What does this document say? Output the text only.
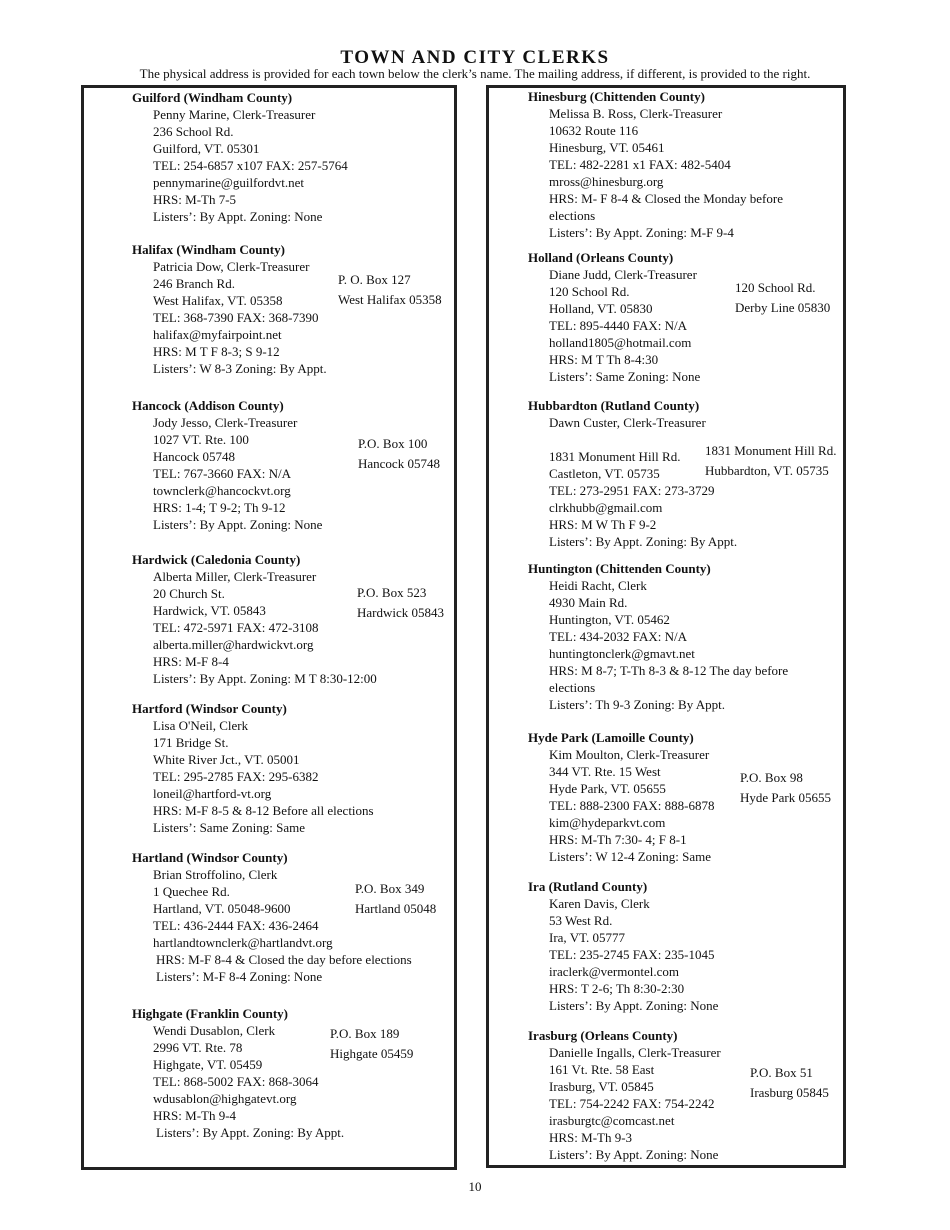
TOWN AND CITY CLERKS
The physical address is provided for each town below the clerk’s name. The mailing address, if different, is provided to the right.
Guilford (Windham County)
Penny Marine, Clerk-Treasurer
236 School Rd.
Guilford, VT. 05301
TEL: 254-6857 x107 FAX: 257-5764
pennymarine@guilfordvt.net
HRS: M-Th 7-5
Listers’: By Appt. Zoning: None
Halifax (Windham County)
Patricia Dow, Clerk-Treasurer
246 Branch Rd.
West Halifax, VT. 05358
TEL: 368-7390 FAX: 368-7390
halifax@myfairpoint.net
HRS: M T F 8-3; S 9-12
Listers’: W 8-3 Zoning: By Appt.
P. O. Box 127
West Halifax 05358
Hancock (Addison County)
Jody Jesso, Clerk-Treasurer
1027 VT. Rte. 100
Hancock 05748
TEL: 767-3660 FAX: N/A
townclerk@hancockvt.org
HRS: 1-4; T 9-2; Th 9-12
Listers’: By Appt. Zoning: None
P.O. Box 100
Hancock 05748
Hardwick (Caledonia County)
Alberta Miller, Clerk-Treasurer
20 Church St.
Hardwick, VT. 05843
TEL: 472-5971 FAX: 472-3108
alberta.miller@hardwickvt.org
HRS: M-F 8-4
Listers’: By Appt. Zoning: M T 8:30-12:00
P.O. Box 523
Hardwick 05843
Hartford (Windsor County)
Lisa O'Neil, Clerk
171 Bridge St.
White River Jct., VT. 05001
TEL: 295-2785 FAX: 295-6382
loneil@hartford-vt.org
HRS: M-F 8-5 & 8-12 Before all elections
Listers’: Same Zoning: Same
Hartland (Windsor County)
Brian Stroffolino, Clerk
1 Quechee Rd.
Hartland, VT. 05048-9600
TEL: 436-2444 FAX: 436-2464
hartlandtownclerk@hartlandvt.org
HRS: M-F 8-4 & Closed the day before elections
Listers’: M-F 8-4 Zoning: None
P.O. Box 349
Hartland 05048
Highgate (Franklin County)
Wendi Dusablon, Clerk
2996 VT. Rte. 78
Highgate, VT. 05459
TEL: 868-5002 FAX: 868-3064
wdusablon@highgatevt.org
HRS: M-Th 9-4
Listers’: By Appt. Zoning: By Appt.
P.O. Box 189
Highgate 05459
Hinesburg (Chittenden County)
Melissa B. Ross, Clerk-Treasurer
10632 Route 116
Hinesburg, VT. 05461
TEL: 482-2281 x1 FAX: 482-5404
mross@hinesburg.org
HRS: M- F 8-4 & Closed the Monday before
elections
Listers’: By Appt. Zoning: M-F 9-4
Holland (Orleans County)
Diane Judd, Clerk-Treasurer
120 School Rd.
Holland, VT. 05830
TEL: 895-4440 FAX: N/A
holland1805@hotmail.com
HRS: M T Th 8-4:30
Listers’: Same Zoning: None
120 School Rd.
Derby Line 05830
Hubbardton (Rutland County)
Dawn Custer, Clerk-Treasurer

1831 Monument Hill Rd.
Castleton, VT. 05735
TEL: 273-2951 FAX: 273-3729
clrkhubb@gmail.com
HRS: M W Th F 9-2
Listers’: By Appt. Zoning: By Appt.
1831 Monument Hill Rd.
Hubbardton, VT. 05735
Huntington (Chittenden County)
Heidi Racht, Clerk
4930 Main Rd.
Huntington, VT. 05462
TEL: 434-2032 FAX: N/A
huntingtonclerk@gmavt.net
HRS: M 8-7; T-Th 8-3 & 8-12 The day before
elections
Listers’: Th 9-3 Zoning: By Appt.
Hyde Park (Lamoille County)
Kim Moulton, Clerk-Treasurer
344 VT. Rte. 15 West
Hyde Park, VT. 05655
TEL: 888-2300 FAX: 888-6878
kim@hydeparkvt.com
HRS: M-Th 7:30- 4; F 8-1
Listers’: W 12-4 Zoning: Same
P.O. Box 98
Hyde Park 05655
Ira (Rutland County)
Karen Davis, Clerk
53 West Rd.
Ira, VT. 05777
TEL: 235-2745 FAX: 235-1045
iraclerk@vermontel.com
HRS: T 2-6; Th 8:30-2:30
Listers’: By Appt. Zoning: None
Irasburg (Orleans County)
Danielle Ingalls, Clerk-Treasurer
161 Vt. Rte. 58 East
Irasburg, VT. 05845
TEL: 754-2242 FAX: 754-2242
irasburgtc@comcast.net
HRS: M-Th 9-3
Listers’: By Appt. Zoning: None
P.O. Box 51
Irasburg 05845
10
